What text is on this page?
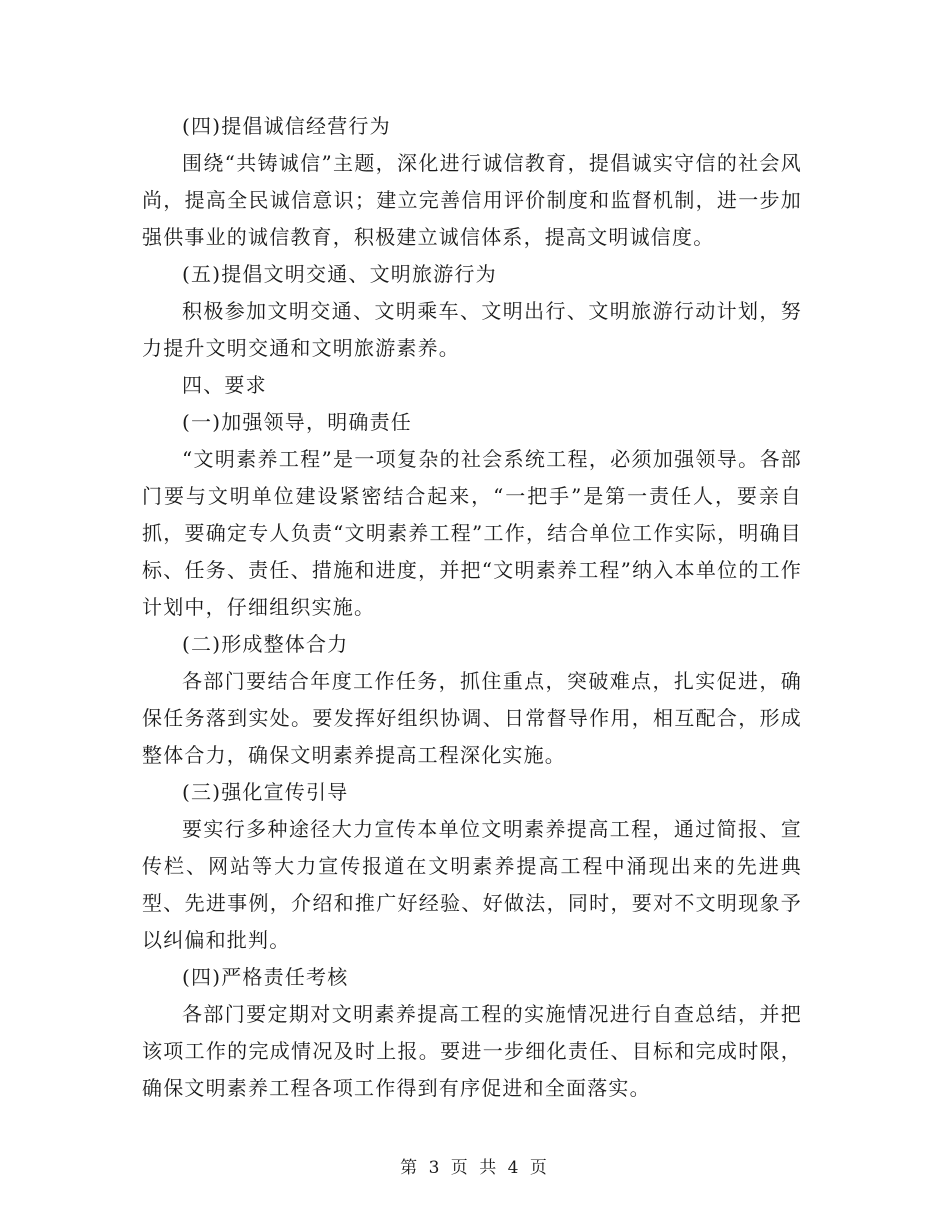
(四)提倡诚信经营行为

围绕“共铸诚信”主题，深化进行诚信教育，提倡诚实守信的社会风尚，提高全民诚信意识；建立完善信用评价制度和监督机制，进一步加强供事业的诚信教育，积极建立诚信体系，提高文明诚信度。

(五)提倡文明交通、文明旅游行为

积极参加文明交通、文明乘车、文明出行、文明旅游行动计划，努力提升文明交通和文明旅游素养。

四、要求

(一)加强领导，明确责任

“文明素养工程”是一项复杂的社会系统工程，必须加强领导。各部门要与文明单位建设紧密结合起来，“一把手”是第一责任人，要亲自抓，要确定专人负责“文明素养工程”工作，结合单位工作实际，明确目标、任务、责任、措施和进度，并把“文明素养工程”纳入本单位的工作计划中，仔细组织实施。

(二)形成整体合力

各部门要结合年度工作任务，抓住重点，突破难点，扎实促进，确保任务落到实处。要发挥好组织协调、日常督导作用，相互配合，形成整体合力，确保文明素养提高工程深化实施。

(三)强化宣传引导

要实行多种途径大力宣传本单位文明素养提高工程，通过简报、宣传栏、网站等大力宣传报道在文明素养提高工程中涌现出来的先进典型、先进事例，介绍和推广好经验、好做法，同时，要对不文明现象予以纠偏和批判。

(四)严格责任考核

各部门要定期对文明素养提高工程的实施情况进行自查总结，并把该项工作的完成情况及时上报。要进一步细化责任、目标和完成时限，确保文明素养工程各项工作得到有序促进和全面落实。

第 3 页 共 4 页
